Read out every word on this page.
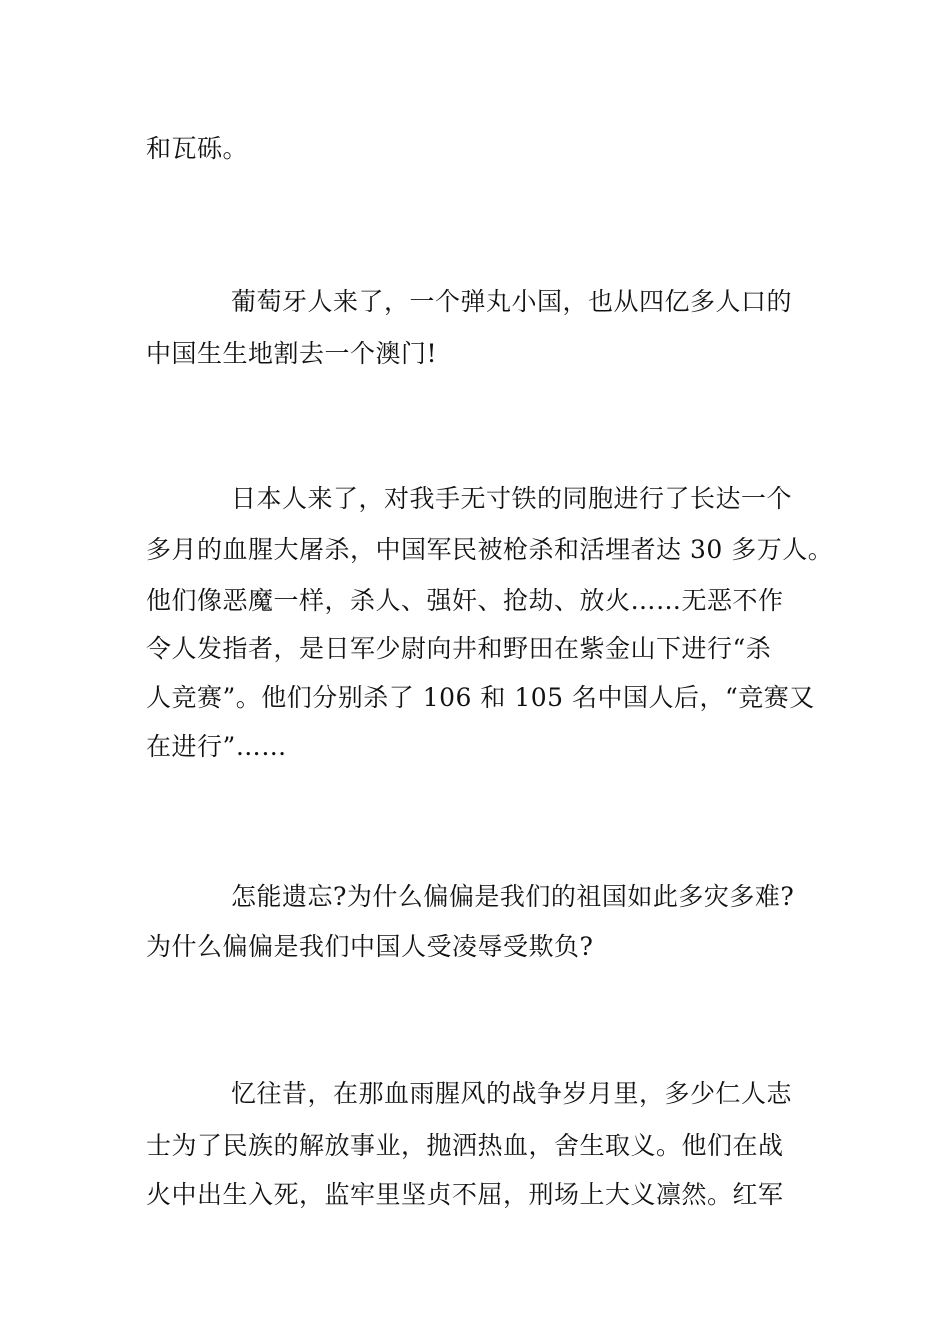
和瓦砾。
葡萄牙人来了，一个弹丸小国，也从四亿多人口的
中国生生地割去一个澳门!
日本人来了，对我手无寸铁的同胞进行了长达一个
多月的血腥大屠杀，中国军民被枪杀和活埋者达 30 多万人。
他们像恶魔一样，杀人、强奸、抢劫、放火……无恶不作
令人发指者，是日军少尉向井和野田在紫金山下进行“杀
人竞赛”。他们分别杀了 106 和 105 名中国人后，“竞赛又
在进行”……
怎能遗忘?为什么偏偏是我们的祖国如此多灾多难?
为什么偏偏是我们中国人受凌辱受欺负?
忆往昔，在那血雨腥风的战争岁月里，多少仁人志
士为了民族的解放事业，抛洒热血，舍生取义。他们在战
火中出生入死，监牢里坚贞不屈，刑场上大义凛然。红军
